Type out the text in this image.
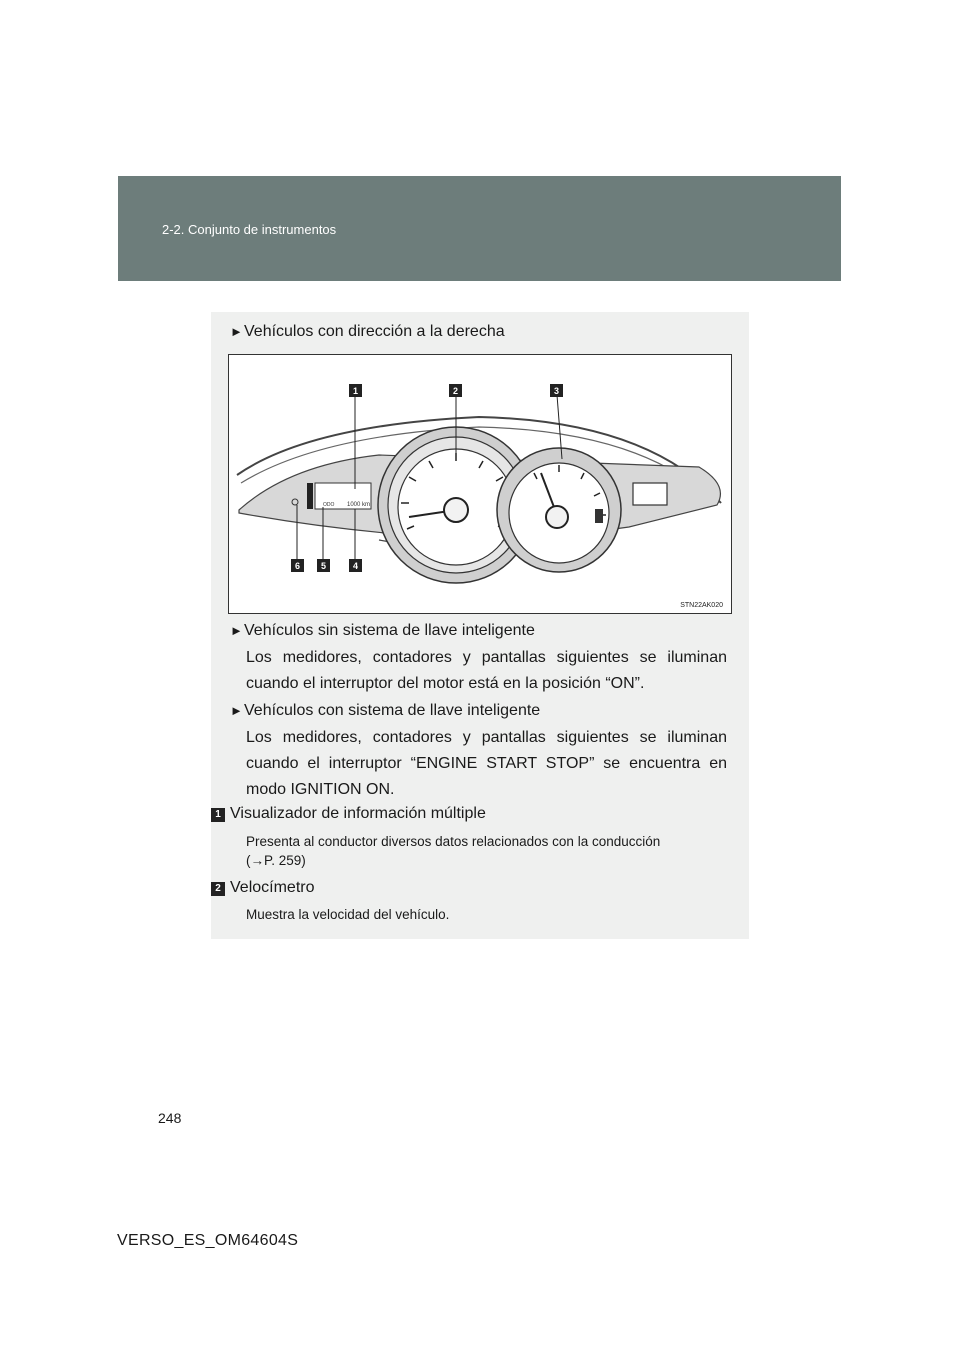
2-2. Conjunto de instrumentos
►Vehículos con dirección a la derecha
ODO 1000 km
1	2	3
4
5
6
STN22AK020
►Vehículos sin sistema de llave inteligente
Los medidores, contadores y pantallas siguientes se iluminan cuando el interruptor del motor está en la posición “ON”.
►Vehículos con sistema de llave inteligente
Los medidores, contadores y pantallas siguientes se iluminan cuando el interruptor “ENGINE START STOP” se encuentra en modo IGNITION ON.
1 Visualizador de información múltiple
Presenta al conductor diversos datos relacionados con la conducción
(→P. 259)
2 Velocímetro
Muestra la velocidad del vehículo.
248
VERSO_ES_OM64604S
